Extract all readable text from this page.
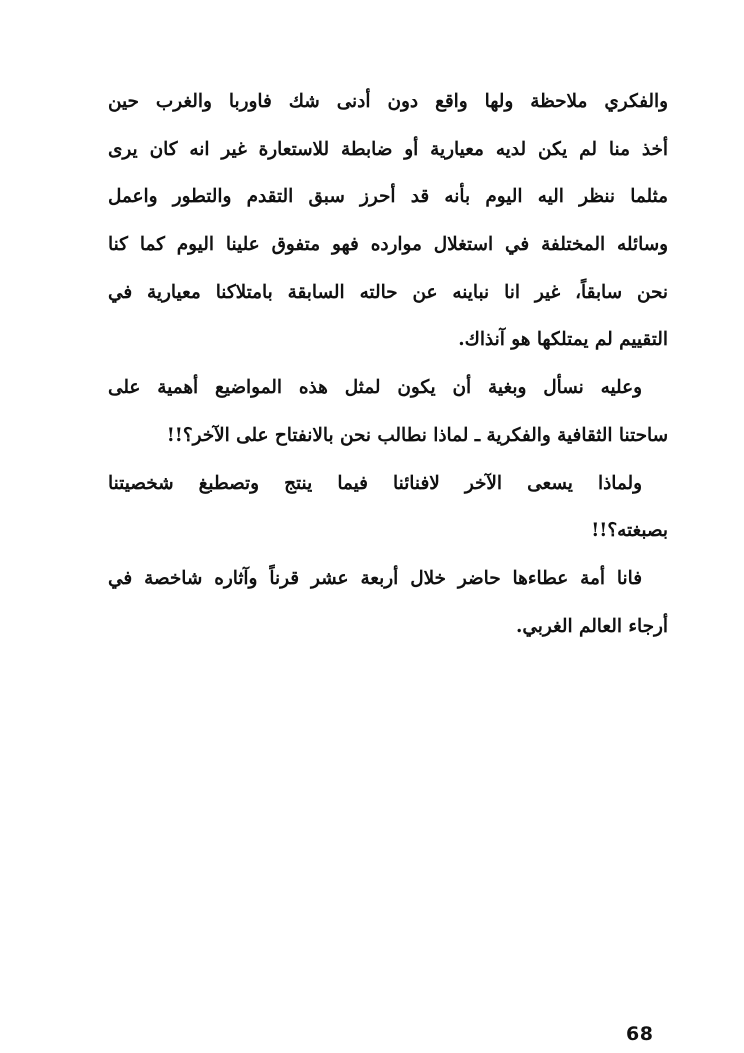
والفكري ملاحظة ولها واقع دون أدنى شك فاوربا والغرب حين
أخذ منا لم يكن لديه معيارية أو ضابطة للاستعارة غير انه كان يرى
مثلما ننظر اليه اليوم بأنه قد أحرز سبق التقدم والتطور واعمل
وسائله المختلفة في استغلال موارده فهو متفوق علينا اليوم كما كنا
نحن سابقاً، غير انا نباينه عن حالته السابقة بامتلاكنا معيارية في
التقييم لم يمتلكها هو آنذاك.
وعليه نسأل وبغية أن يكون لمثل هذه المواضيع أهمية على
ساحتنا الثقافية والفكرية ـ لماذا نطالب نحن بالانفتاح على الآخر؟!!
ولماذا يسعى الآخر لافنائنا فيما ينتج وتصطبغ شخصيتنا
بصبغته؟!!
فانا أمة عطاءها حاضر خلال أربعة عشر قرناً وآثاره شاخصة في
أرجاء العالم الغربي.
68
